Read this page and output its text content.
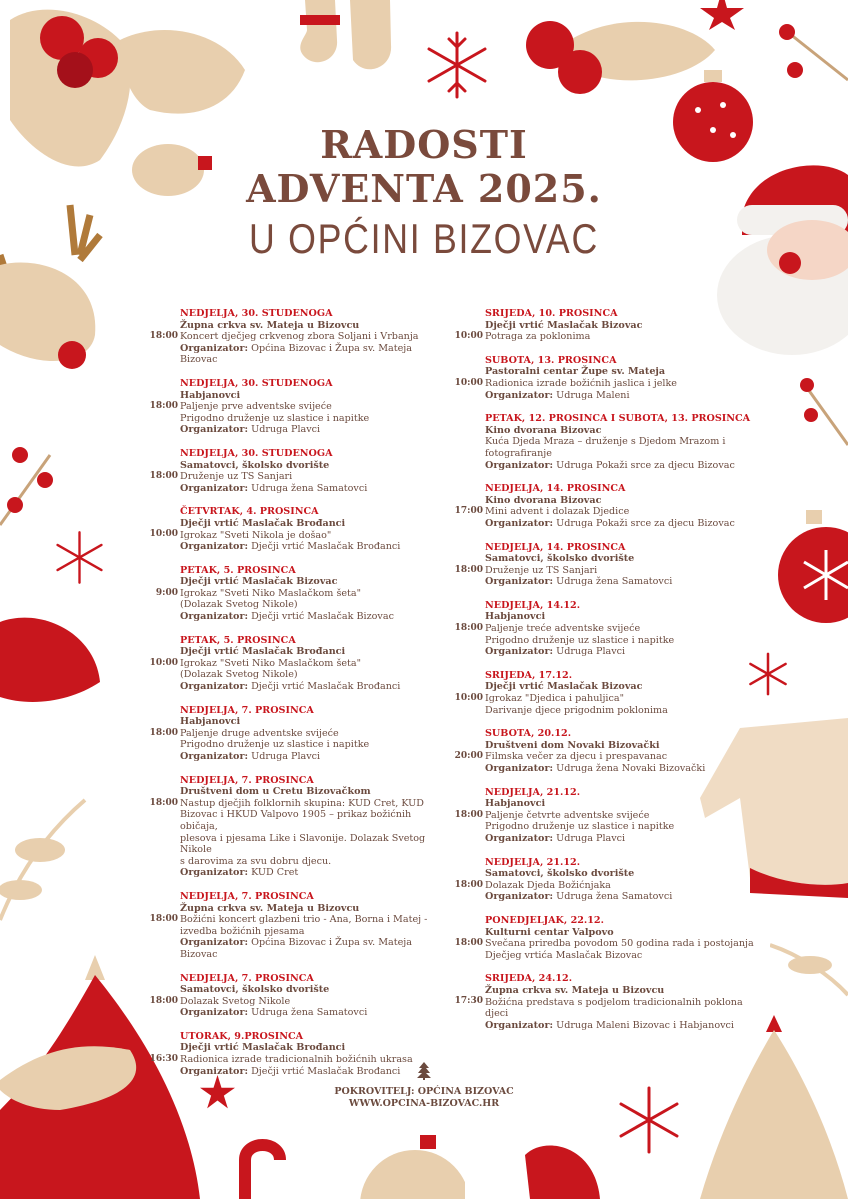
RADOSTI
ADVENTA 2025.
U OPĆINI BIZOVAC
NEDJELJA, 30. STUDENOGA
Župna crkva sv. Mateja u Bizovcu
18:00 Koncert dječjeg crkvenog zbora Soljani i Vrbanja
Organizator: Općina Bizovac i Župa sv. Mateja Bizovac
NEDJELJA, 30. STUDENOGA
Habjanovci
18:00 Paljenje prve adventske svijeće
Prigodno druženje uz slastice i napitke
Organizator: Udruga Plavci
NEDJELJA, 30. STUDENOGA
Samatovci, školsko dvorište
18:00 Druženje uz TS Sanjari
Organizator: Udruga žena Samatovci
ČETVRTAK, 4. PROSINCA
Dječji vrtić Maslačak Brođanci
10:00 Igrokaz "Sveti Nikola je došao"
Organizator: Dječji vrtić Maslačak Brođanci
PETAK, 5. PROSINCA
Dječji vrtić Maslačak Bizovac
9:00 Igrokaz "Sveti Niko Maslačkom šeta"
(Dolazak Svetog Nikole)
Organizator: Dječji vrtić Maslačak Bizovac
PETAK, 5. PROSINCA
Dječji vrtić Maslačak Brođanci
10:00 Igrokaz "Sveti Niko Maslačkom šeta"
(Dolazak Svetog Nikole)
Organizator: Dječji vrtić Maslačak Brođanci
NEDJELJA, 7. PROSINCA
Habjanovci
18:00 Paljenje druge adventske svijeće
Prigodno druženje uz slastice i napitke
Organizator: Udruga Plavci
NEDJELJA, 7. PROSINCA
Društveni dom u Cretu Bizovačkom
18:00 Nastup dječjih folklornih skupina: KUD Cret, KUD
Bizovac i HKUD Valpovo 1905 – prikaz božićnih običaja,
plesova i pjesama Like i Slavonije. Dolazak Svetog Nikole
s darovima za svu dobru djecu.
Organizator: KUD Cret
NEDJELJA, 7. PROSINCA
Župna crkva sv. Mateja u Bizovcu
18:00 Božićni koncert glazbeni trio - Ana, Borna i Matej -
izvedba božićnih pjesama
Organizator: Općina Bizovac i Župa sv. Mateja Bizovac
NEDJELJA, 7. PROSINCA
Samatovci, školsko dvorište
18:00 Dolazak Svetog Nikole
Organizator: Udruga žena Samatovci
UTORAK, 9.PROSINCA
Dječji vrtić Maslačak Brođanci
16:30 Radionica izrade tradicionalnih božićnih ukrasa
Organizator: Dječji vrtić Maslačak Brođanci
SRIJEDA, 10. PROSINCA
Dječji vrtić Maslačak Bizovac
10:00 Potraga za poklonima
SUBOTA, 13. PROSINCA
Pastoralni centar Župe sv. Mateja
10:00 Radionica izrade božićnih jaslica i jelke
Organizator: Udruga Maleni
PETAK, 12. PROSINCA I SUBOTA, 13. PROSINCA
Kino dvorana Bizovac
Kuća Djeda Mraza – druženje s Djedom Mrazom i
fotografiranje
Organizator: Udruga Pokaži srce za djecu Bizovac
NEDJELJA, 14. PROSINCA
Kino dvorana Bizovac
17:00 Mini advent i dolazak Djedice
Organizator: Udruga Pokaži srce za djecu Bizovac
NEDJELJA, 14. PROSINCA
Samatovci, školsko dvorište
18:00 Druženje uz TS Sanjari
Organizator: Udruga žena Samatovci
NEDJELJA, 14.12.
Habjanovci
18:00 Paljenje treće adventske svijeće
Prigodno druženje uz slastice i napitke
Organizator: Udruga Plavci
SRIJEDA, 17.12.
Dječji vrtić Maslačak Bizovac
10:00 Igrokaz "Djedica i pahuljica"
Darivanje djece prigodnim poklonima
SUBOTA, 20.12.
Društveni dom Novaki Bizovački
20:00 Filmska večer za djecu i prespavanac
Organizator: Udruga žena Novaki Bizovački
NEDJELJA, 21.12.
Habjanovci
18:00 Paljenje četvrte adventske svijeće
Prigodno druženje uz slastice i napitke
Organizator: Udruga Plavci
NEDJELJA, 21.12.
Samatovci, školsko dvorište
18:00 Dolazak Djeda Božićnjaka
Organizator: Udruga žena Samatovci
PONEDJELJAK, 22.12.
Kulturni centar Valpovo
18:00 Svečana priredba povodom 50 godina rada i postojanja
Dječjeg vrtića Maslačak Bizovac
SRIJEDA, 24.12.
Župna crkva sv. Mateja u Bizovcu
17:30 Božićna predstava s podjelom tradicionalnih poklona djeci
Organizator: Udruga Maleni Bizovac i Habjanovci
POKROVITELJ: OPĆINA BIZOVAC
WWW.OPCINA-BIZOVAC.HR
